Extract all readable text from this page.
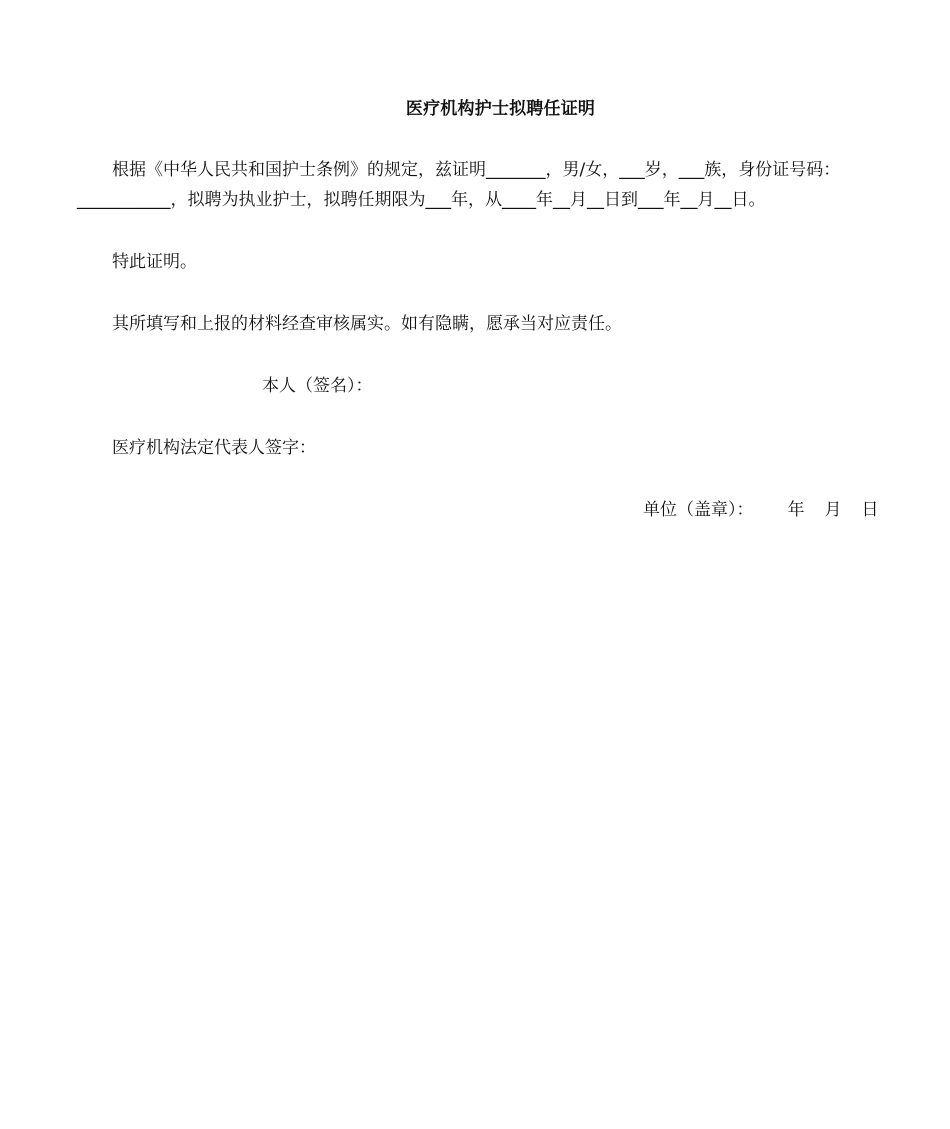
医疗机构护士拟聘任证明
根据《中华人民共和国护士条例》的规定，兹证明_______，男/女，___岁，___族，身份证号码：
___________，拟聘为执业护士，拟聘任期限为___年，从____年__月__日到___年__月__日。
特此证明。
其所填写和上报的材料经查审核属实。如有隐瞒，愿承当对应责任。
本人（签名）：
医疗机构法定代表人签字：
单位（盖章）： 年 月 日
